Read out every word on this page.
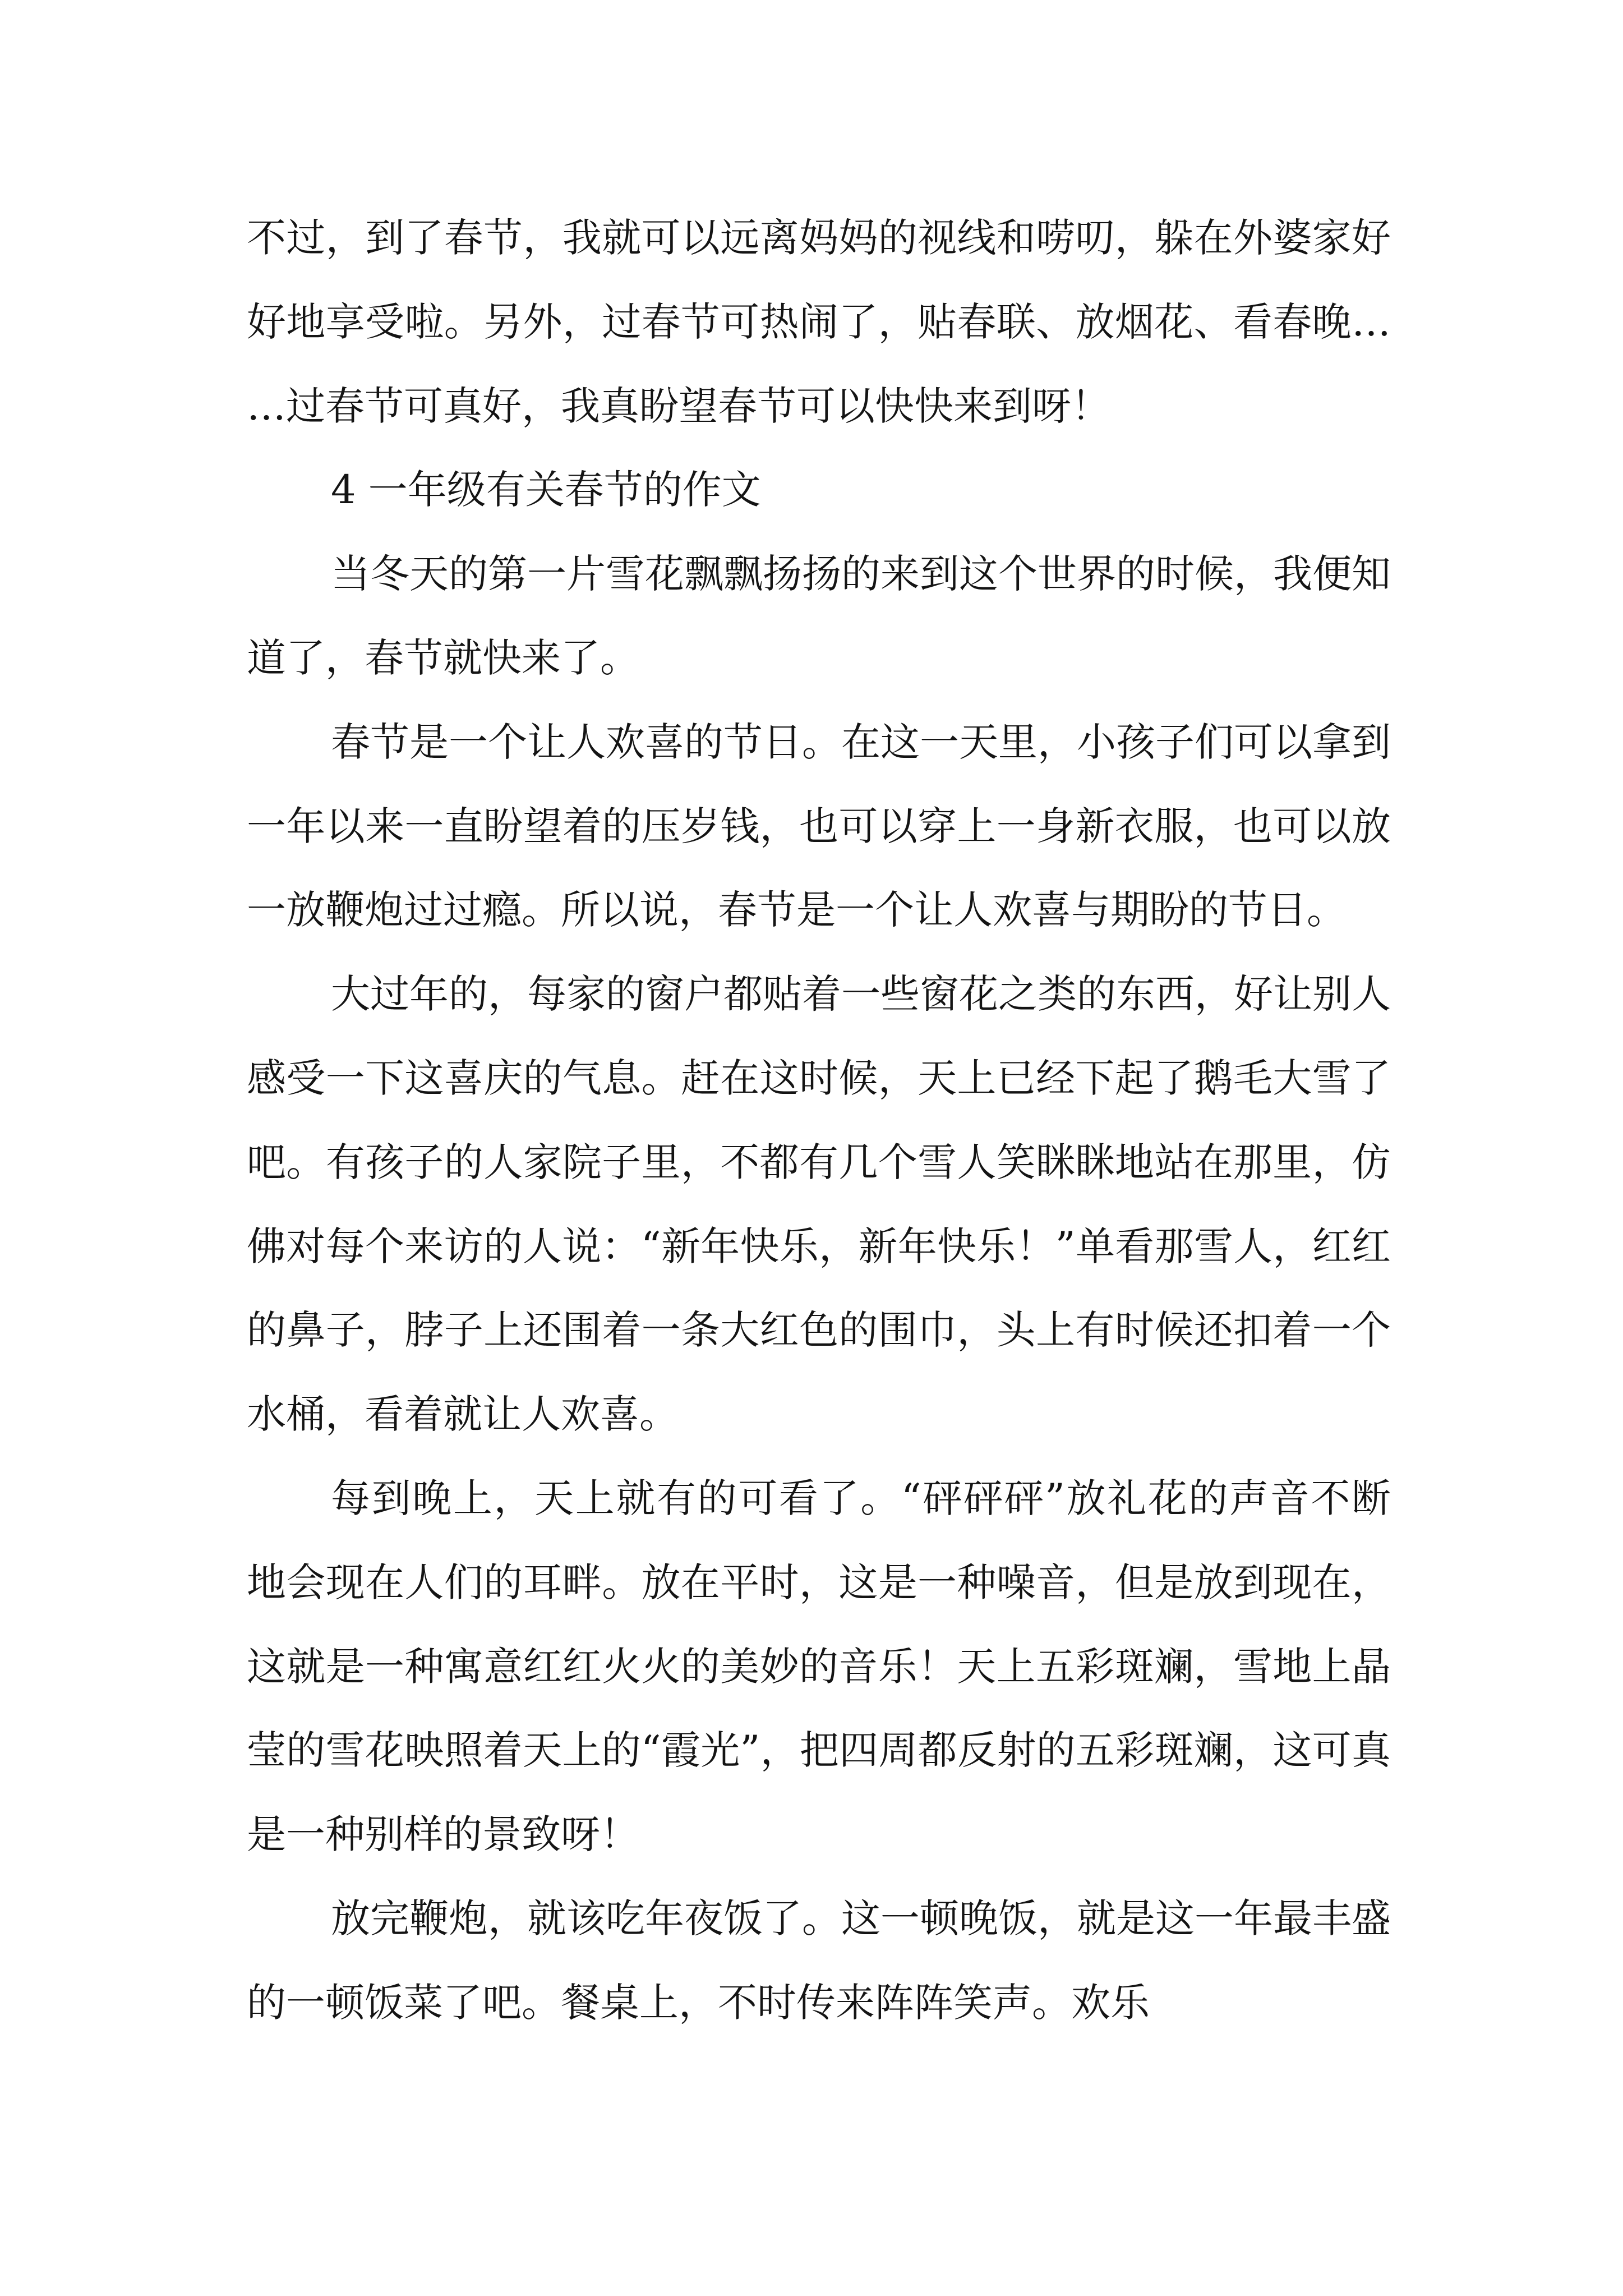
不过，到了春节，我就可以远离妈妈的视线和唠叨，躲在外婆家好好地享受啦。另外，过春节可热闹了，贴春联、放烟花、看春晚……过春节可真好，我真盼望春节可以快快来到呀！

4 一年级有关春节的作文

当冬天的第一片雪花飘飘扬扬的来到这个世界的时候，我便知道了，春节就快来了。

春节是一个让人欢喜的节日。在这一天里，小孩子们可以拿到一年以来一直盼望着的压岁钱，也可以穿上一身新衣服，也可以放一放鞭炮过过瘾。所以说，春节是一个让人欢喜与期盼的节日。

大过年的，每家的窗户都贴着一些窗花之类的东西，好让别人感受一下这喜庆的气息。赶在这时候，天上已经下起了鹅毛大雪了吧。有孩子的人家院子里，不都有几个雪人笑眯眯地站在那里，仿佛对每个来访的人说：“新年快乐，新年快乐！”单看那雪人，红红的鼻子，脖子上还围着一条大红色的围巾，头上有时候还扣着一个水桶，看着就让人欢喜。

每到晚上，天上就有的可看了。“砰砰砰”放礼花的声音不断地会现在人们的耳畔。放在平时，这是一种噪音，但是放到现在，这就是一种寓意红红火火的美妙的音乐！天上五彩斑斓，雪地上晶莹的雪花映照着天上的“霞光”，把四周都反射的五彩斑斓，这可真是一种别样的景致呀！

放完鞭炮，就该吃年夜饭了。这一顿晚饭，就是这一年最丰盛的一顿饭菜了吧。餐桌上，不时传来阵阵笑声。欢乐
